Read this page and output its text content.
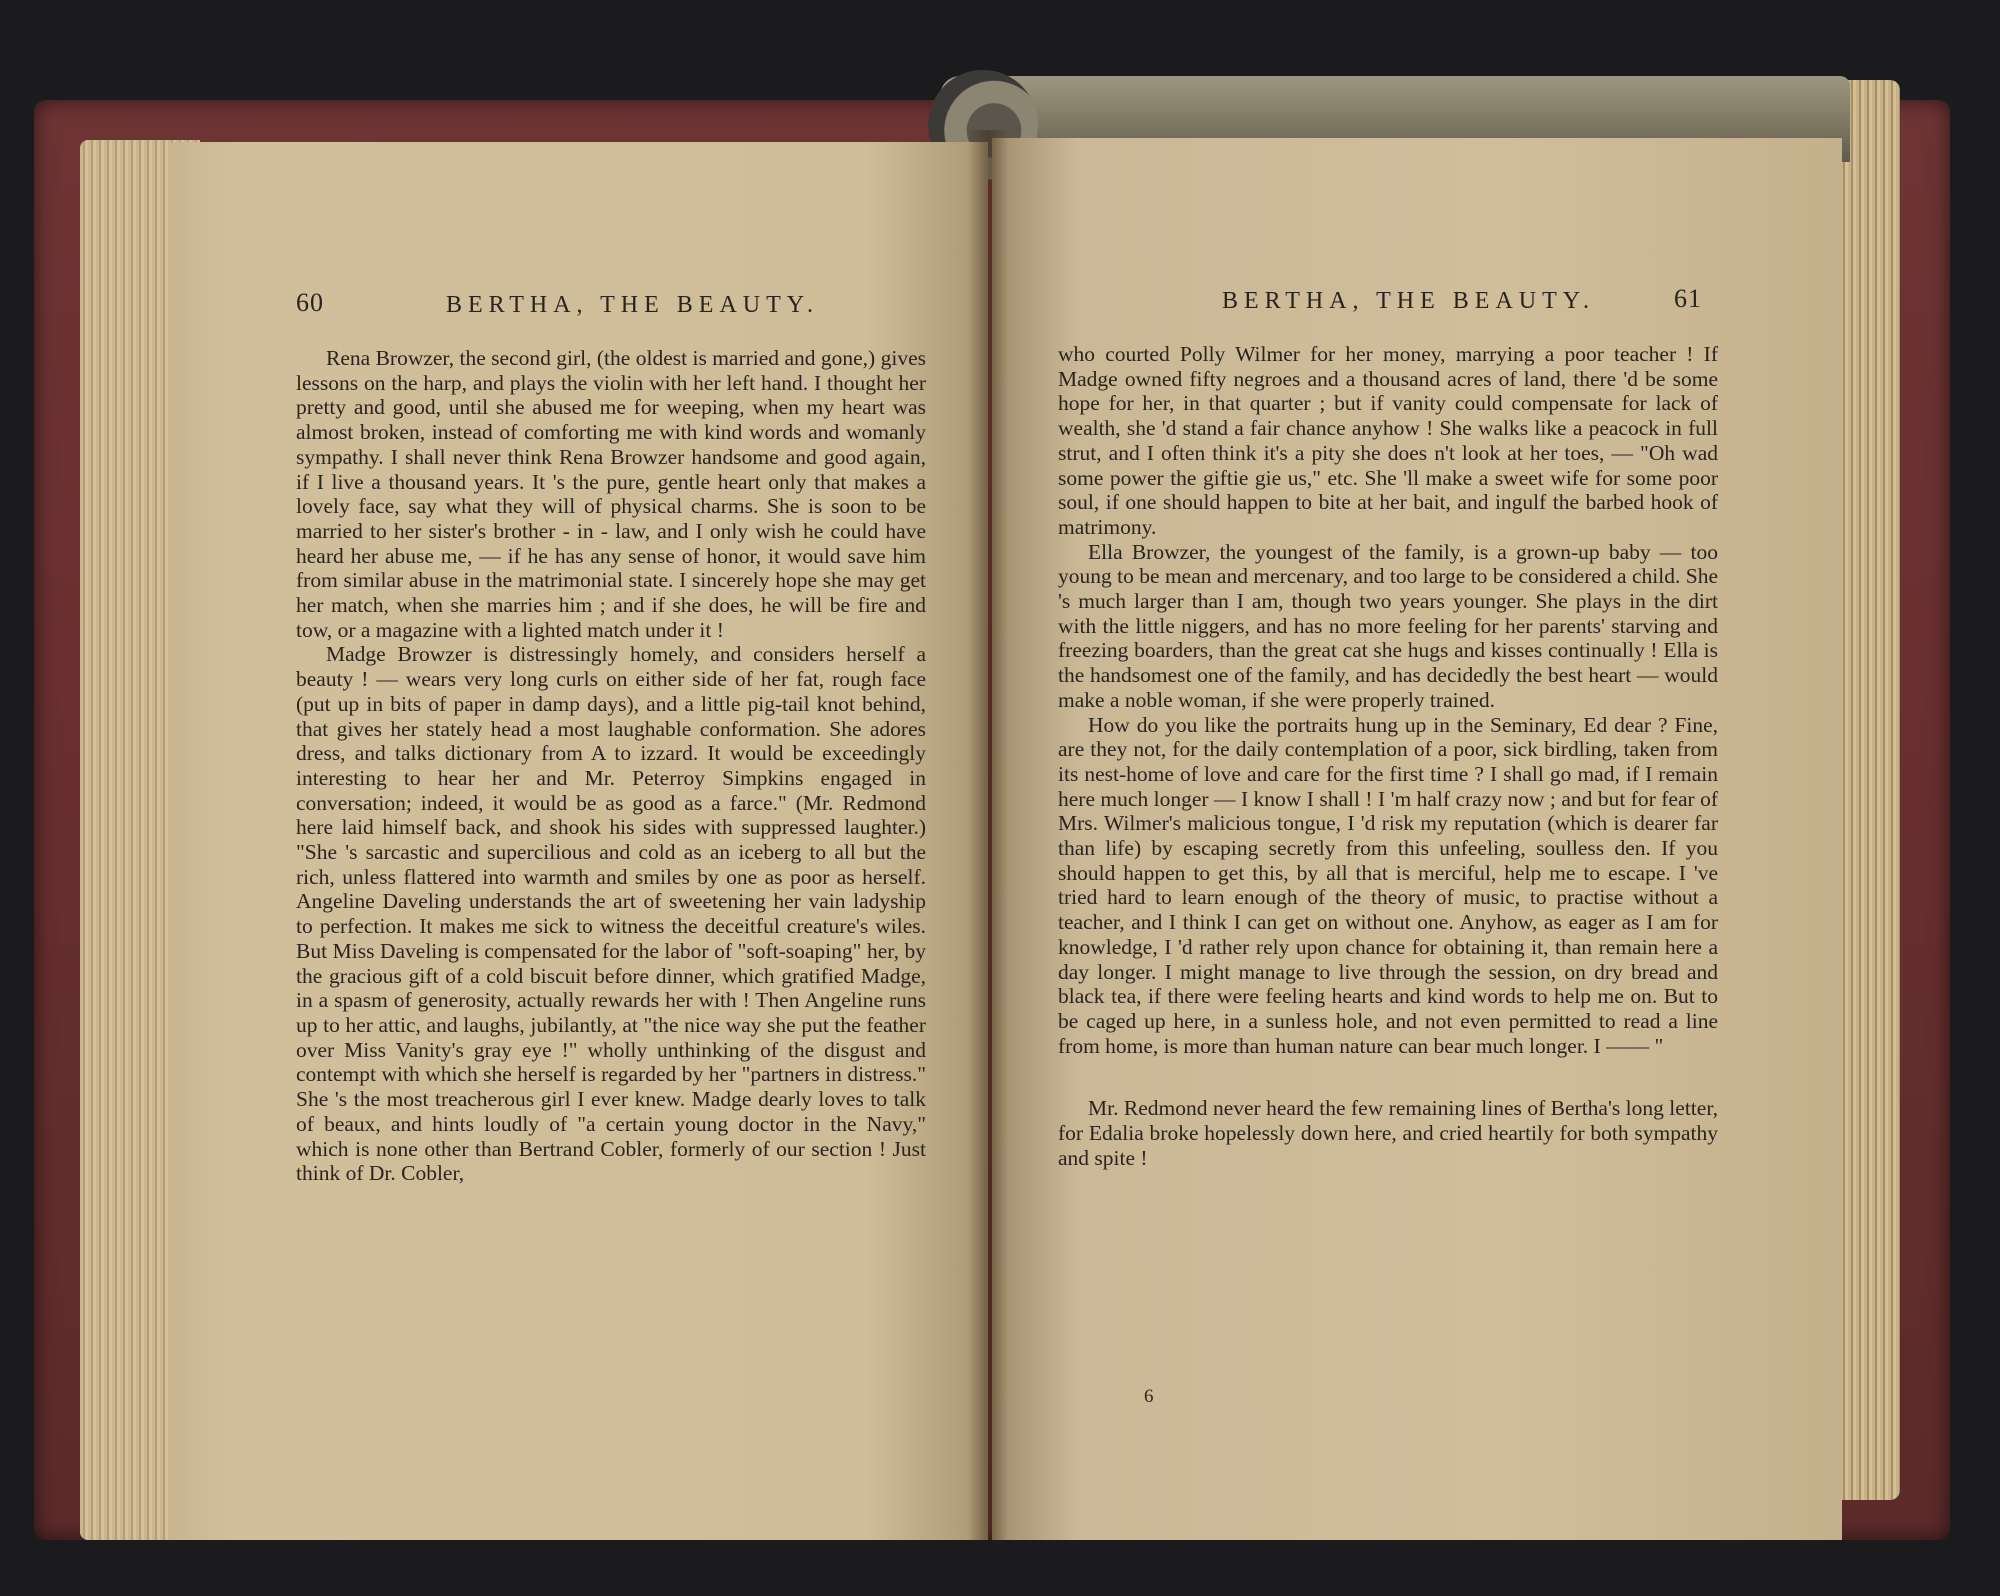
60	BERTHA, THE BEAUTY.

Rena Browzer, the second girl, (the oldest is married and gone,) gives lessons on the harp, and plays the violin with her left hand. I thought her pretty and good, until she abused me for weeping, when my heart was almost broken, instead of comforting me with kind words and womanly sympathy. I shall never think Rena Browzer handsome and good again, if I live a thousand years. It 's the pure, gentle heart only that makes a lovely face, say what they will of physical charms. She is soon to be married to her sister's brother - in - law, and I only wish he could have heard her abuse me, — if he has any sense of honor, it would save him from similar abuse in the matrimonial state. I sincerely hope she may get her match, when she marries him ; and if she does, he will be fire and tow, or a magazine with a lighted match under it !

Madge Browzer is distressingly homely, and considers herself a beauty ! — wears very long curls on either side of her fat, rough face (put up in bits of paper in damp days), and a little pig-tail knot behind, that gives her stately head a most laughable conformation. She adores dress, and talks dictionary from A to izzard. It would be exceedingly interesting to hear her and Mr. Peterroy Simpkins engaged in conversation; indeed, it would be as good as a farce." (Mr. Redmond here laid himself back, and shook his sides with suppressed laughter.) "She 's sarcastic and supercilious and cold as an iceberg to all but the rich, unless flattered into warmth and smiles by one as poor as herself. Angeline Daveling understands the art of sweetening her vain ladyship to perfection. It makes me sick to witness the deceitful creature's wiles. But Miss Daveling is compensated for the labor of "soft-soaping" her, by the gracious gift of a cold biscuit before dinner, which gratified Madge, in a spasm of generosity, actually rewards her with ! Then Angeline runs up to her attic, and laughs, jubilantly, at "the nice way she put the feather over Miss Vanity's gray eye !" wholly unthinking of the disgust and contempt with which she herself is regarded by her "partners in distress." She 's the most treacherous girl I ever knew. Madge dearly loves to talk of beaux, and hints loudly of "a certain young doctor in the Navy," which is none other than Bertrand Cobler, formerly of our section ! Just think of Dr. Cobler,

BERTHA, THE BEAUTY.	61

who courted Polly Wilmer for her money, marrying a poor teacher ! If Madge owned fifty negroes and a thousand acres of land, there 'd be some hope for her, in that quarter ; but if vanity could compensate for lack of wealth, she 'd stand a fair chance anyhow ! She walks like a peacock in full strut, and I often think it's a pity she does n't look at her toes, — "Oh wad some power the giftie gie us," etc. She 'll make a sweet wife for some poor soul, if one should happen to bite at her bait, and ingulf the barbed hook of matrimony.

Ella Browzer, the youngest of the family, is a grown-up baby — too young to be mean and mercenary, and too large to be considered a child. She 's much larger than I am, though two years younger. She plays in the dirt with the little niggers, and has no more feeling for her parents' starving and freezing boarders, than the great cat she hugs and kisses continually ! Ella is the handsomest one of the family, and has decidedly the best heart — would make a noble woman, if she were properly trained.

How do you like the portraits hung up in the Seminary, Ed dear ? Fine, are they not, for the daily contemplation of a poor, sick birdling, taken from its nest-home of love and care for the first time ? I shall go mad, if I remain here much longer — I know I shall ! I 'm half crazy now ; and but for fear of Mrs. Wilmer's malicious tongue, I 'd risk my reputation (which is dearer far than life) by escaping secretly from this unfeeling, soulless den. If you should happen to get this, by all that is merciful, help me to escape. I 've tried hard to learn enough of the theory of music, to practise without a teacher, and I think I can get on without one. Anyhow, as eager as I am for knowledge, I 'd rather rely upon chance for obtaining it, than remain here a day longer. I might manage to live through the session, on dry bread and black tea, if there were feeling hearts and kind words to help me on. But to be caged up here, in a sunless hole, and not even permitted to read a line from home, is more than human nature can bear much longer. I —— "

Mr. Redmond never heard the few remaining lines of Bertha's long letter, for Edalia broke hopelessly down here, and cried heartily for both sympathy and spite !

6
